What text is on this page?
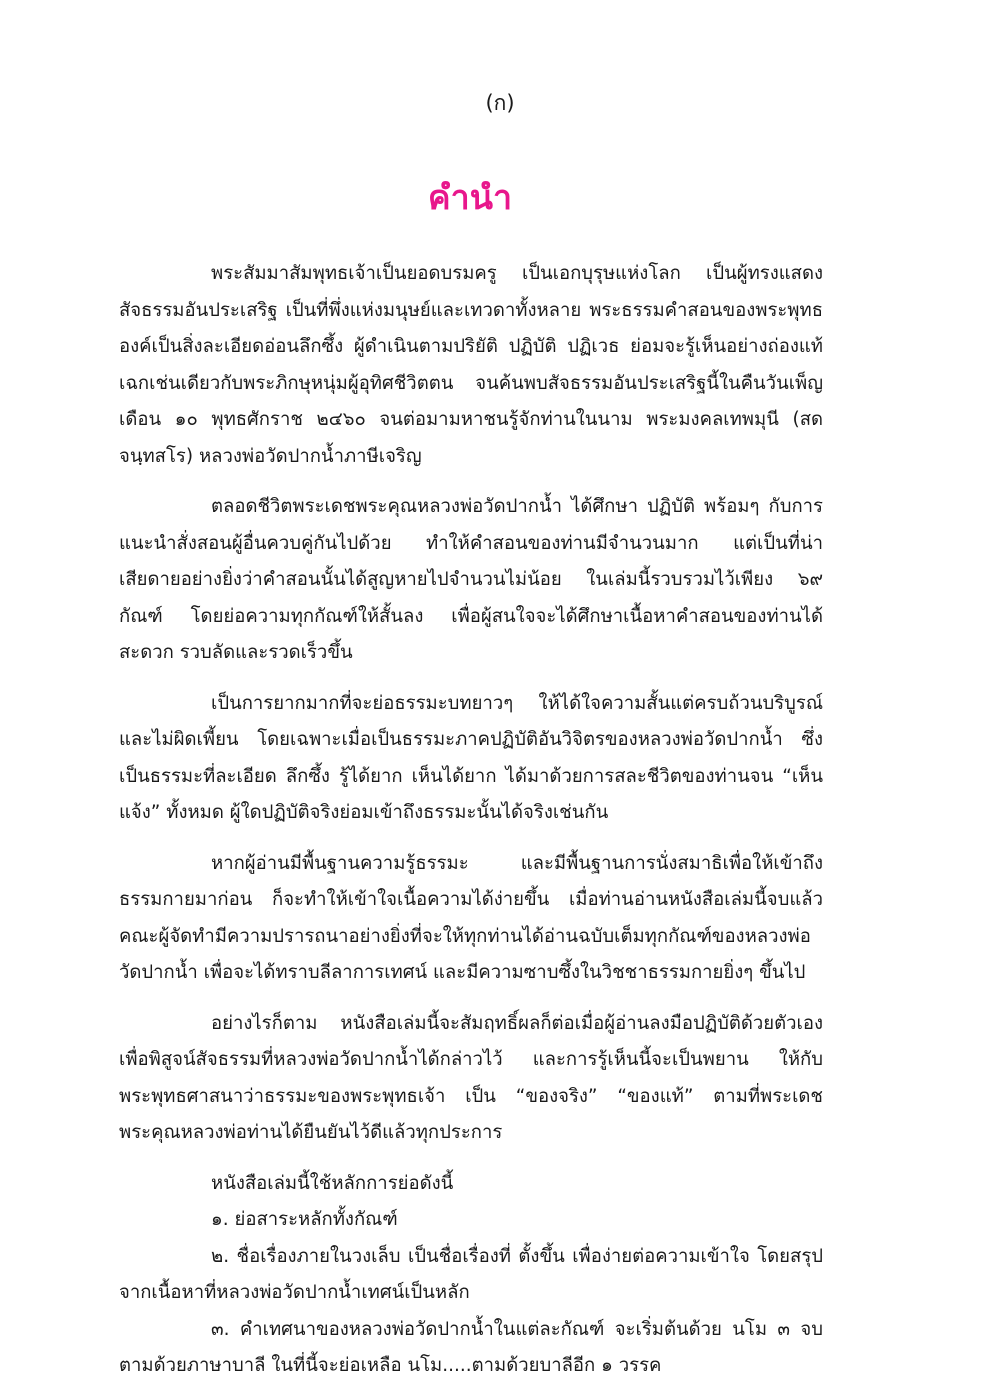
(ก)
คำนำ

พระสัมมาสัมพุทธเจ้าเป็นยอดบรมครู เป็นเอกบุรุษแห่งโลก เป็นผู้ทรงแสดงสัจธรรมอันประเสริฐ เป็นที่พึ่งแห่งมนุษย์และเทวดาทั้งหลาย พระธรรมคำสอนของพระพุทธองค์เป็นสิ่งละเอียดอ่อนลึกซึ้ง ผู้ดำเนินตามปริยัติ ปฏิบัติ ปฏิเวธ ย่อมจะรู้เห็นอย่างถ่องแท้ เฉกเช่นเดียวกับพระภิกษุหนุ่มผู้อุทิศชีวิตตน จนค้นพบสัจธรรมอันประเสริฐนี้ในคืนวันเพ็ญเดือน ๑๐ พุทธศักราช ๒๔๖๐ จนต่อมามหาชนรู้จักท่านในนาม พระมงคลเทพมุนี (สด จนฺทสโร) หลวงพ่อวัดปากน้ำภาษีเจริญ

ตลอดชีวิตพระเดชพระคุณหลวงพ่อวัดปากน้ำ ได้ศึกษา ปฏิบัติ พร้อมๆ กับการแนะนำสั่งสอนผู้อื่นควบคู่กันไปด้วย ทำให้คำสอนของท่านมีจำนวนมาก แต่เป็นที่น่าเสียดายอย่างยิ่งว่าคำสอนนั้นได้สูญหายไปจำนวนไม่น้อย ในเล่มนี้รวบรวมไว้เพียง ๖๙ กัณฑ์ โดยย่อความทุกกัณฑ์ให้สั้นลง เพื่อผู้สนใจจะได้ศึกษาเนื้อหาคำสอนของท่านได้สะดวก รวบลัดและรวดเร็วขึ้น

เป็นการยากมากที่จะย่อธรรมะบทยาวๆ ให้ได้ใจความสั้นแต่ครบถ้วนบริบูรณ์ และไม่ผิดเพี้ยน โดยเฉพาะเมื่อเป็นธรรมะภาคปฏิบัติอันวิจิตรของหลวงพ่อวัดปากน้ำ ซึ่งเป็นธรรมะที่ละเอียด ลึกซึ้ง รู้ได้ยาก เห็นได้ยาก ได้มาด้วยการสละชีวิตของท่านจน “เห็นแจ้ง” ทั้งหมด ผู้ใดปฏิบัติจริงย่อมเข้าถึงธรรมะนั้นได้จริงเช่นกัน

หากผู้อ่านมีพื้นฐานความรู้ธรรมะ และมีพื้นฐานการนั่งสมาธิเพื่อให้เข้าถึงธรรมกายมาก่อน ก็จะทำให้เข้าใจเนื้อความได้ง่ายขึ้น เมื่อท่านอ่านหนังสือเล่มนี้จบแล้ว คณะผู้จัดทำมีความปรารถนาอย่างยิ่งที่จะให้ทุกท่านได้อ่านฉบับเต็มทุกกัณฑ์ของหลวงพ่อวัดปากน้ำ เพื่อจะได้ทราบลีลาการเทศน์ และมีความซาบซึ้งในวิชชาธรรมกายยิ่งๆ ขึ้นไป

อย่างไรก็ตาม หนังสือเล่มนี้จะสัมฤทธิ์ผลก็ต่อเมื่อผู้อ่านลงมือปฏิบัติด้วยตัวเอง เพื่อพิสูจน์สัจธรรมที่หลวงพ่อวัดปากน้ำได้กล่าวไว้ และการรู้เห็นนี้จะเป็นพยาน ให้กับพระพุทธศาสนาว่าธรรมะของพระพุทธเจ้า เป็น “ของจริง” “ของแท้” ตามที่พระเดชพระคุณหลวงพ่อท่านได้ยืนยันไว้ดีแล้วทุกประการ

หนังสือเล่มนี้ใช้หลักการย่อดังนี้

๑. ย่อสาระหลักทั้งกัณฑ์

๒. ชื่อเรื่องภายในวงเล็บ เป็นชื่อเรื่องที่ ตั้งขึ้น เพื่อง่ายต่อความเข้าใจ โดยสรุปจากเนื้อหาที่หลวงพ่อวัดปากน้ำเทศน์เป็นหลัก

๓. คำเทศนาของหลวงพ่อวัดปากน้ำในแต่ละกัณฑ์ จะเริ่มต้นด้วย นโม ๓ จบ ตามด้วยภาษาบาลี ในที่นี้จะย่อเหลือ นโม.....ตามด้วยบาลีอีก ๑ วรรค
